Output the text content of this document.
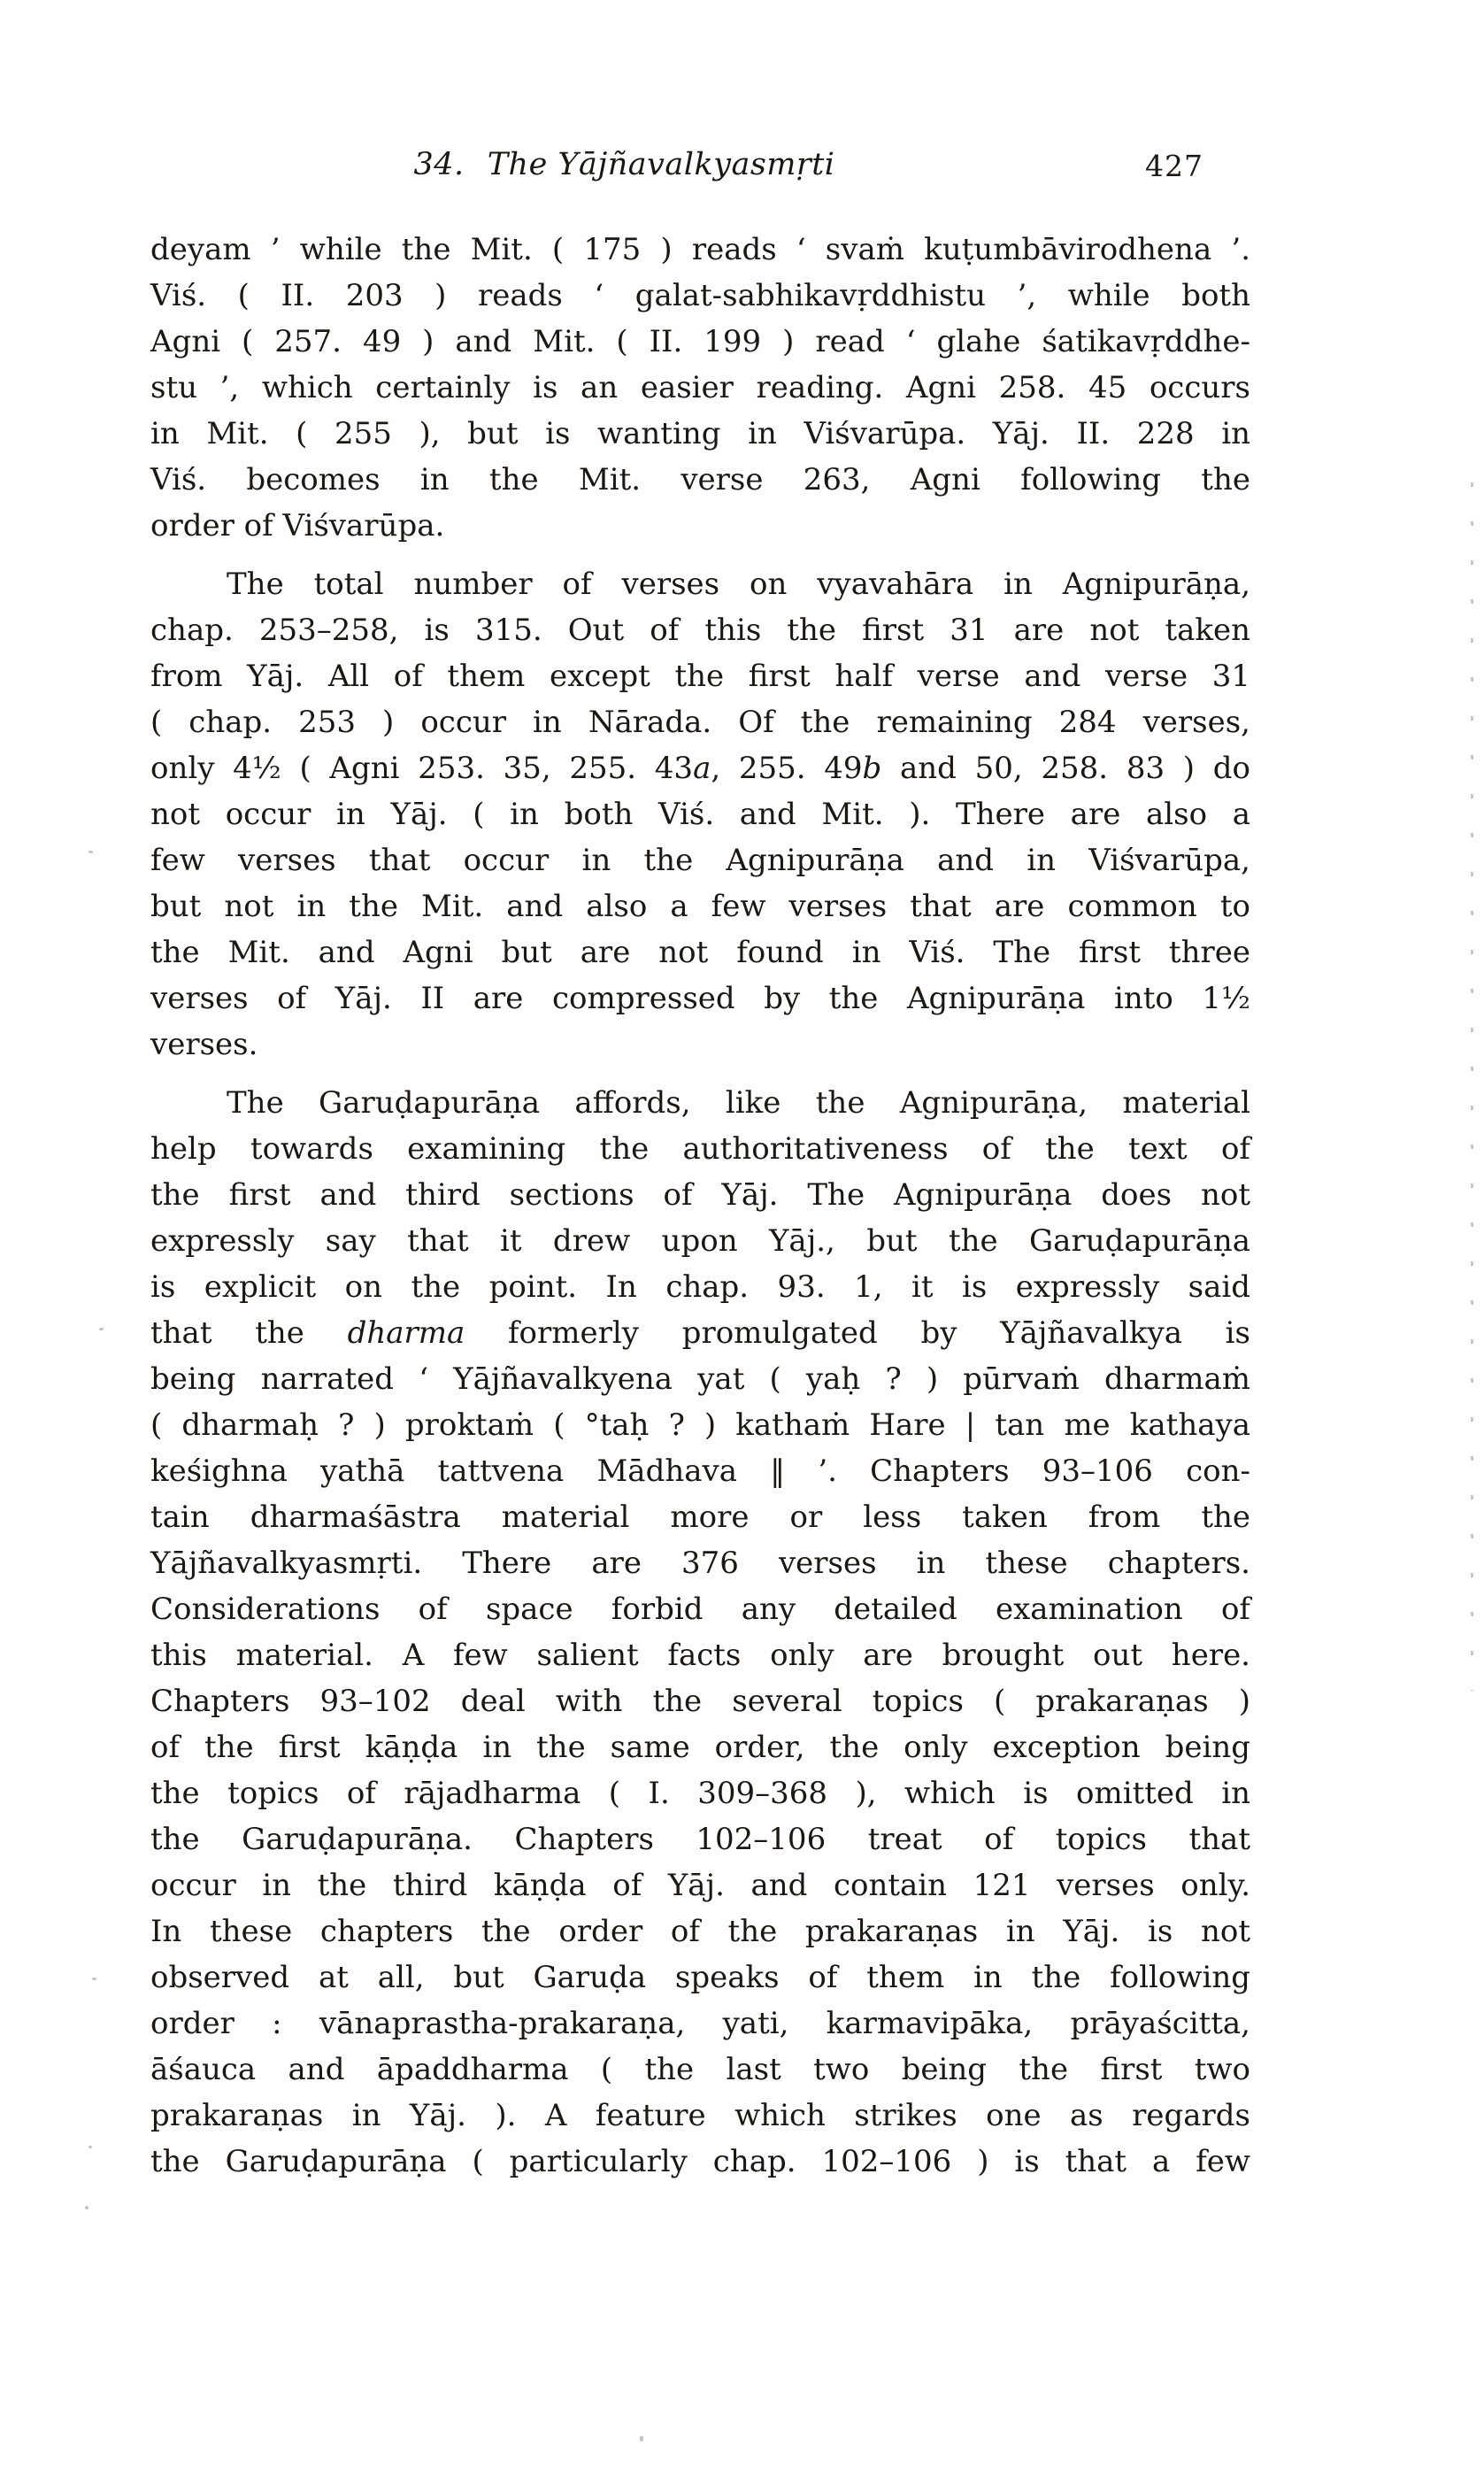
34. The Yājñavalkyasmṛti	427
deyam ’ while the Mit. ( 175 ) reads ‘ svaṁ kuṭumbāvirodhena ’.
Viś. ( II. 203 ) reads ‘ galat-sabhikavṛddhistu ’, while both
Agni ( 257. 49 ) and Mit. ( II. 199 ) read ‘ glahe śatikavṛddhe-
stu ’, which certainly is an easier reading. Agni 258. 45 occurs
in Mit. ( 255 ), but is wanting in Viśvarūpa. Yāj. II. 228 in
Viś. becomes in the Mit. verse 263, Agni following the
order of Viśvarūpa.
The total number of verses on vyavahāra in Agnipurāṇa,
chap. 253–258, is 315. Out of this the first 31 are not taken
from Yāj. All of them except the first half verse and verse 31
( chap. 253 ) occur in Nārada. Of the remaining 284 verses,
only 4½ ( Agni 253. 35, 255. 43a, 255. 49b and 50, 258. 83 ) do
not occur in Yāj. ( in both Viś. and Mit. ). There are also a
few verses that occur in the Agnipurāṇa and in Viśvarūpa,
but not in the Mit. and also a few verses that are common to
the Mit. and Agni but are not found in Viś. The first three
verses of Yāj. II are compressed by the Agnipurāṇa into 1½
verses.
The Garuḍapurāṇa affords, like the Agnipurāṇa, material
help towards examining the authoritativeness of the text of
the first and third sections of Yāj. The Agnipurāṇa does not
expressly say that it drew upon Yāj., but the Garuḍapurāṇa
is explicit on the point. In chap. 93. 1, it is expressly said
that the dharma formerly promulgated by Yājñavalkya is
being narrated ‘ Yājñavalkyena yat ( yaḥ ? ) pūrvaṁ dharmaṁ
( dharmaḥ ? ) proktaṁ ( °taḥ ? ) kathaṁ Hare | tan me kathaya
keśighna yathā tattvena Mādhava ‖ ’. Chapters 93–106 con-
tain dharmaśāstra material more or less taken from the
Yājñavalkyasmṛti. There are 376 verses in these chapters.
Considerations of space forbid any detailed examination of
this material. A few salient facts only are brought out here.
Chapters 93–102 deal with the several topics ( prakaraṇas )
of the first kāṇḍa in the same order, the only exception being
the topics of rājadharma ( I. 309–368 ), which is omitted in
the Garuḍapurāṇa. Chapters 102–106 treat of topics that
occur in the third kāṇḍa of Yāj. and contain 121 verses only.
In these chapters the order of the prakaraṇas in Yāj. is not
observed at all, but Garuḍa speaks of them in the following
order : vānaprastha-prakaraṇa, yati, karmavipāka, prāyaścitta,
āśauca and āpaddharma ( the last two being the first two
prakaraṇas in Yāj. ). A feature which strikes one as regards
the Garuḍapurāṇa ( particularly chap. 102–106 ) is that a few
